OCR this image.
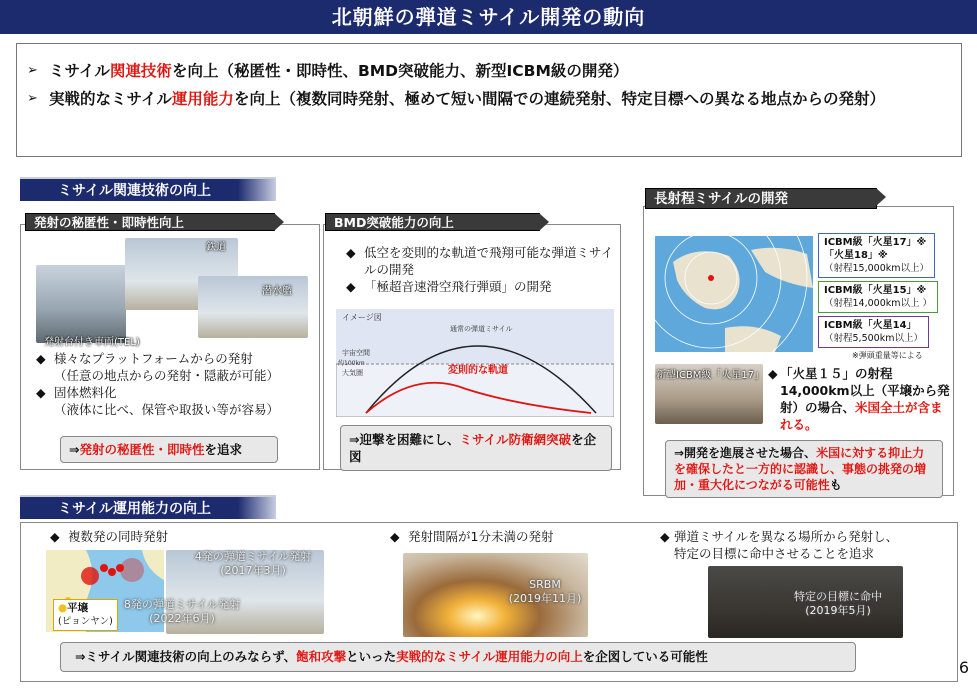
北朝鮮の弾道ミサイル開発の動向
➢ ミサイル関連技術を向上（秘匿性・即時性、BMD突破能力、新型ICBM級の開発）
➢ 実戦的なミサイル運用能力を向上（複数同時発射、極めて短い間隔での連続発射、特定目標への異なる地点からの発射）
ミサイル関連技術の向上
発射の秘匿性・即時性向上
鉄道
潜水艦
発射台付き車両(TEL)
◆ 様々なプラットフォームからの発射
（任意の地点からの発射・隠蔽が可能）
◆ 固体燃料化
（液体に比べ、保管や取扱い等が容易）
⇒発射の秘匿性・即時性を追求
BMD突破能力の向上
◆ 低空を変則的な軌道で飛翔可能な弾道ミサイルの開発
◆ 「極超音速滑空飛行弾頭」の開発
イメージ図
通常の弾道ミサイル
宇宙空間
約100km
大気圏	変則的な軌道
⇒迎撃を困難にし、ミサイル防衛網突破を企図
長射程ミサイルの開発
ICBM級「火星17」※
「火星18」※
（射程15,000km以上）
ICBM級「火星15」※
（射程14,000km以上 ）
ICBM級「火星14」
（射程5,500km以上）
※弾頭重量等による
新型ICBM級「火星17」 ◆ 「火星１５」の射程14,000km以上（平壌から発射）の場合、米国全土が含まれる。
⇒開発を進展させた場合、米国に対する抑止力を確保したと一方的に認識し、事態の挑発の増加・重大化につながる可能性も
ミサイル運用能力の向上
◆ 複数発の同時発射
●平壌
(ピョンヤン)
4発の弾道ミサイル発射
(2017年3月)
8発の弾道ミサイル発射
(2022年6月)
◆ 発射間隔が1分未満の発射
SRBM
(2019年11月)
◆ 弾道ミサイルを異なる場所から発射し、
特定の目標に命中させることを追求
特定の目標に命中
(2019年5月)
⇒ミサイル関連技術の向上のみならず、飽和攻撃といった実戦的なミサイル運用能力の向上を企図している可能性
6
